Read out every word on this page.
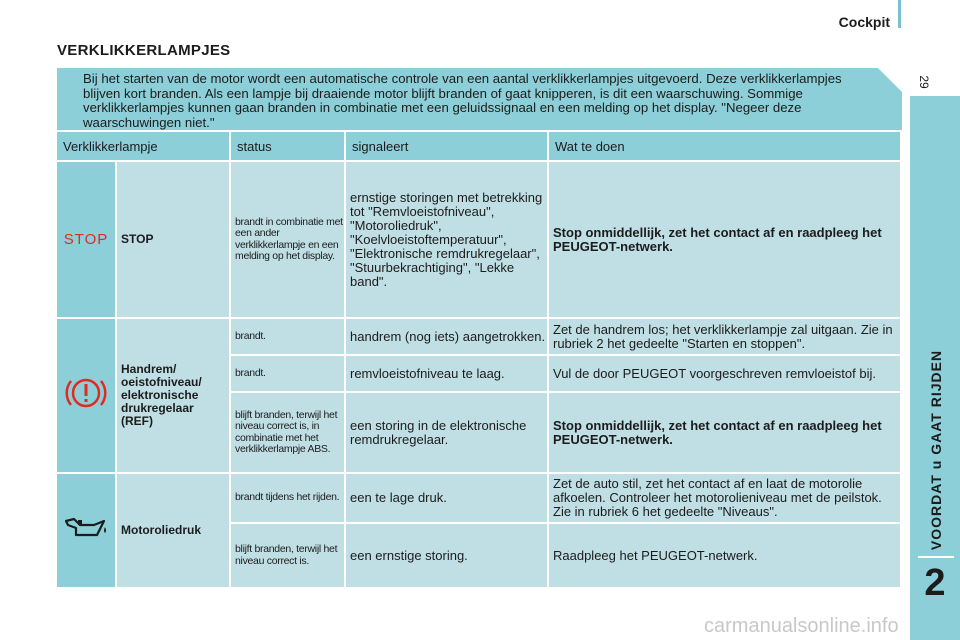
Cockpit
29
VOORDAT u GAAT RIJDEN
2
VERKLIKKERLAMPJES
Bij het starten van de motor wordt een automatische controle van een aantal verklikkerlampjes uitgevoerd. Deze verklikkerlampjes blijven kort branden. Als een lampje bij draaiende motor blijft branden of gaat knipperen, is dit een waarschuwing. Sommige verklikkerlampjes kunnen gaan branden in combinatie met een geluidssignaal en een melding op het display. "Negeer deze waarschuwingen niet."
Verklikkerlampje		status	signaleert	Wat te doen
STOP	STOP	brandt in combinatie met een ander verklikkerlampje en een melding op het display.	ernstige storingen met betrekking tot "Remvloeistofniveau", "Motoroliedruk", "Koelvloeistoftemperatuur", "Elektronische remdrukregelaar", "Stuurbekrachtiging", "Lekke band".	Stop onmiddellijk, zet het contact af en raadpleeg het PEUGEOT-netwerk.
	Handrem/ oeistofniveau/ elektronische drukregelaar (REF)	brandt.	handrem (nog iets) aangetrokken.	Zet de handrem los; het verklikkerlampje zal uitgaan. Zie in rubriek 2 het gedeelte "Starten en stoppen".
		brandt.	remvloeistofniveau te laag.	Vul de door PEUGEOT voorgeschreven remvloeistof bij.
		blijft branden, terwijl het niveau correct is, in combinatie met het verklikkerlampje ABS.	een storing in de elektronische remdrukregelaar.	Stop onmiddellijk, zet het contact af en raadpleeg het PEUGEOT-netwerk.
	Motoroliedruk	brandt tijdens het rijden.	een te lage druk.	Zet de auto stil, zet het contact af en laat de motorolie afkoelen. Controleer het motorolieniveau met de peilstok. Zie in rubriek 6 het gedeelte "Niveaus".
		blijft branden, terwijl het niveau correct is.	een ernstige storing.	Raadpleeg het PEUGEOT-netwerk.
carmanualsonline.info
